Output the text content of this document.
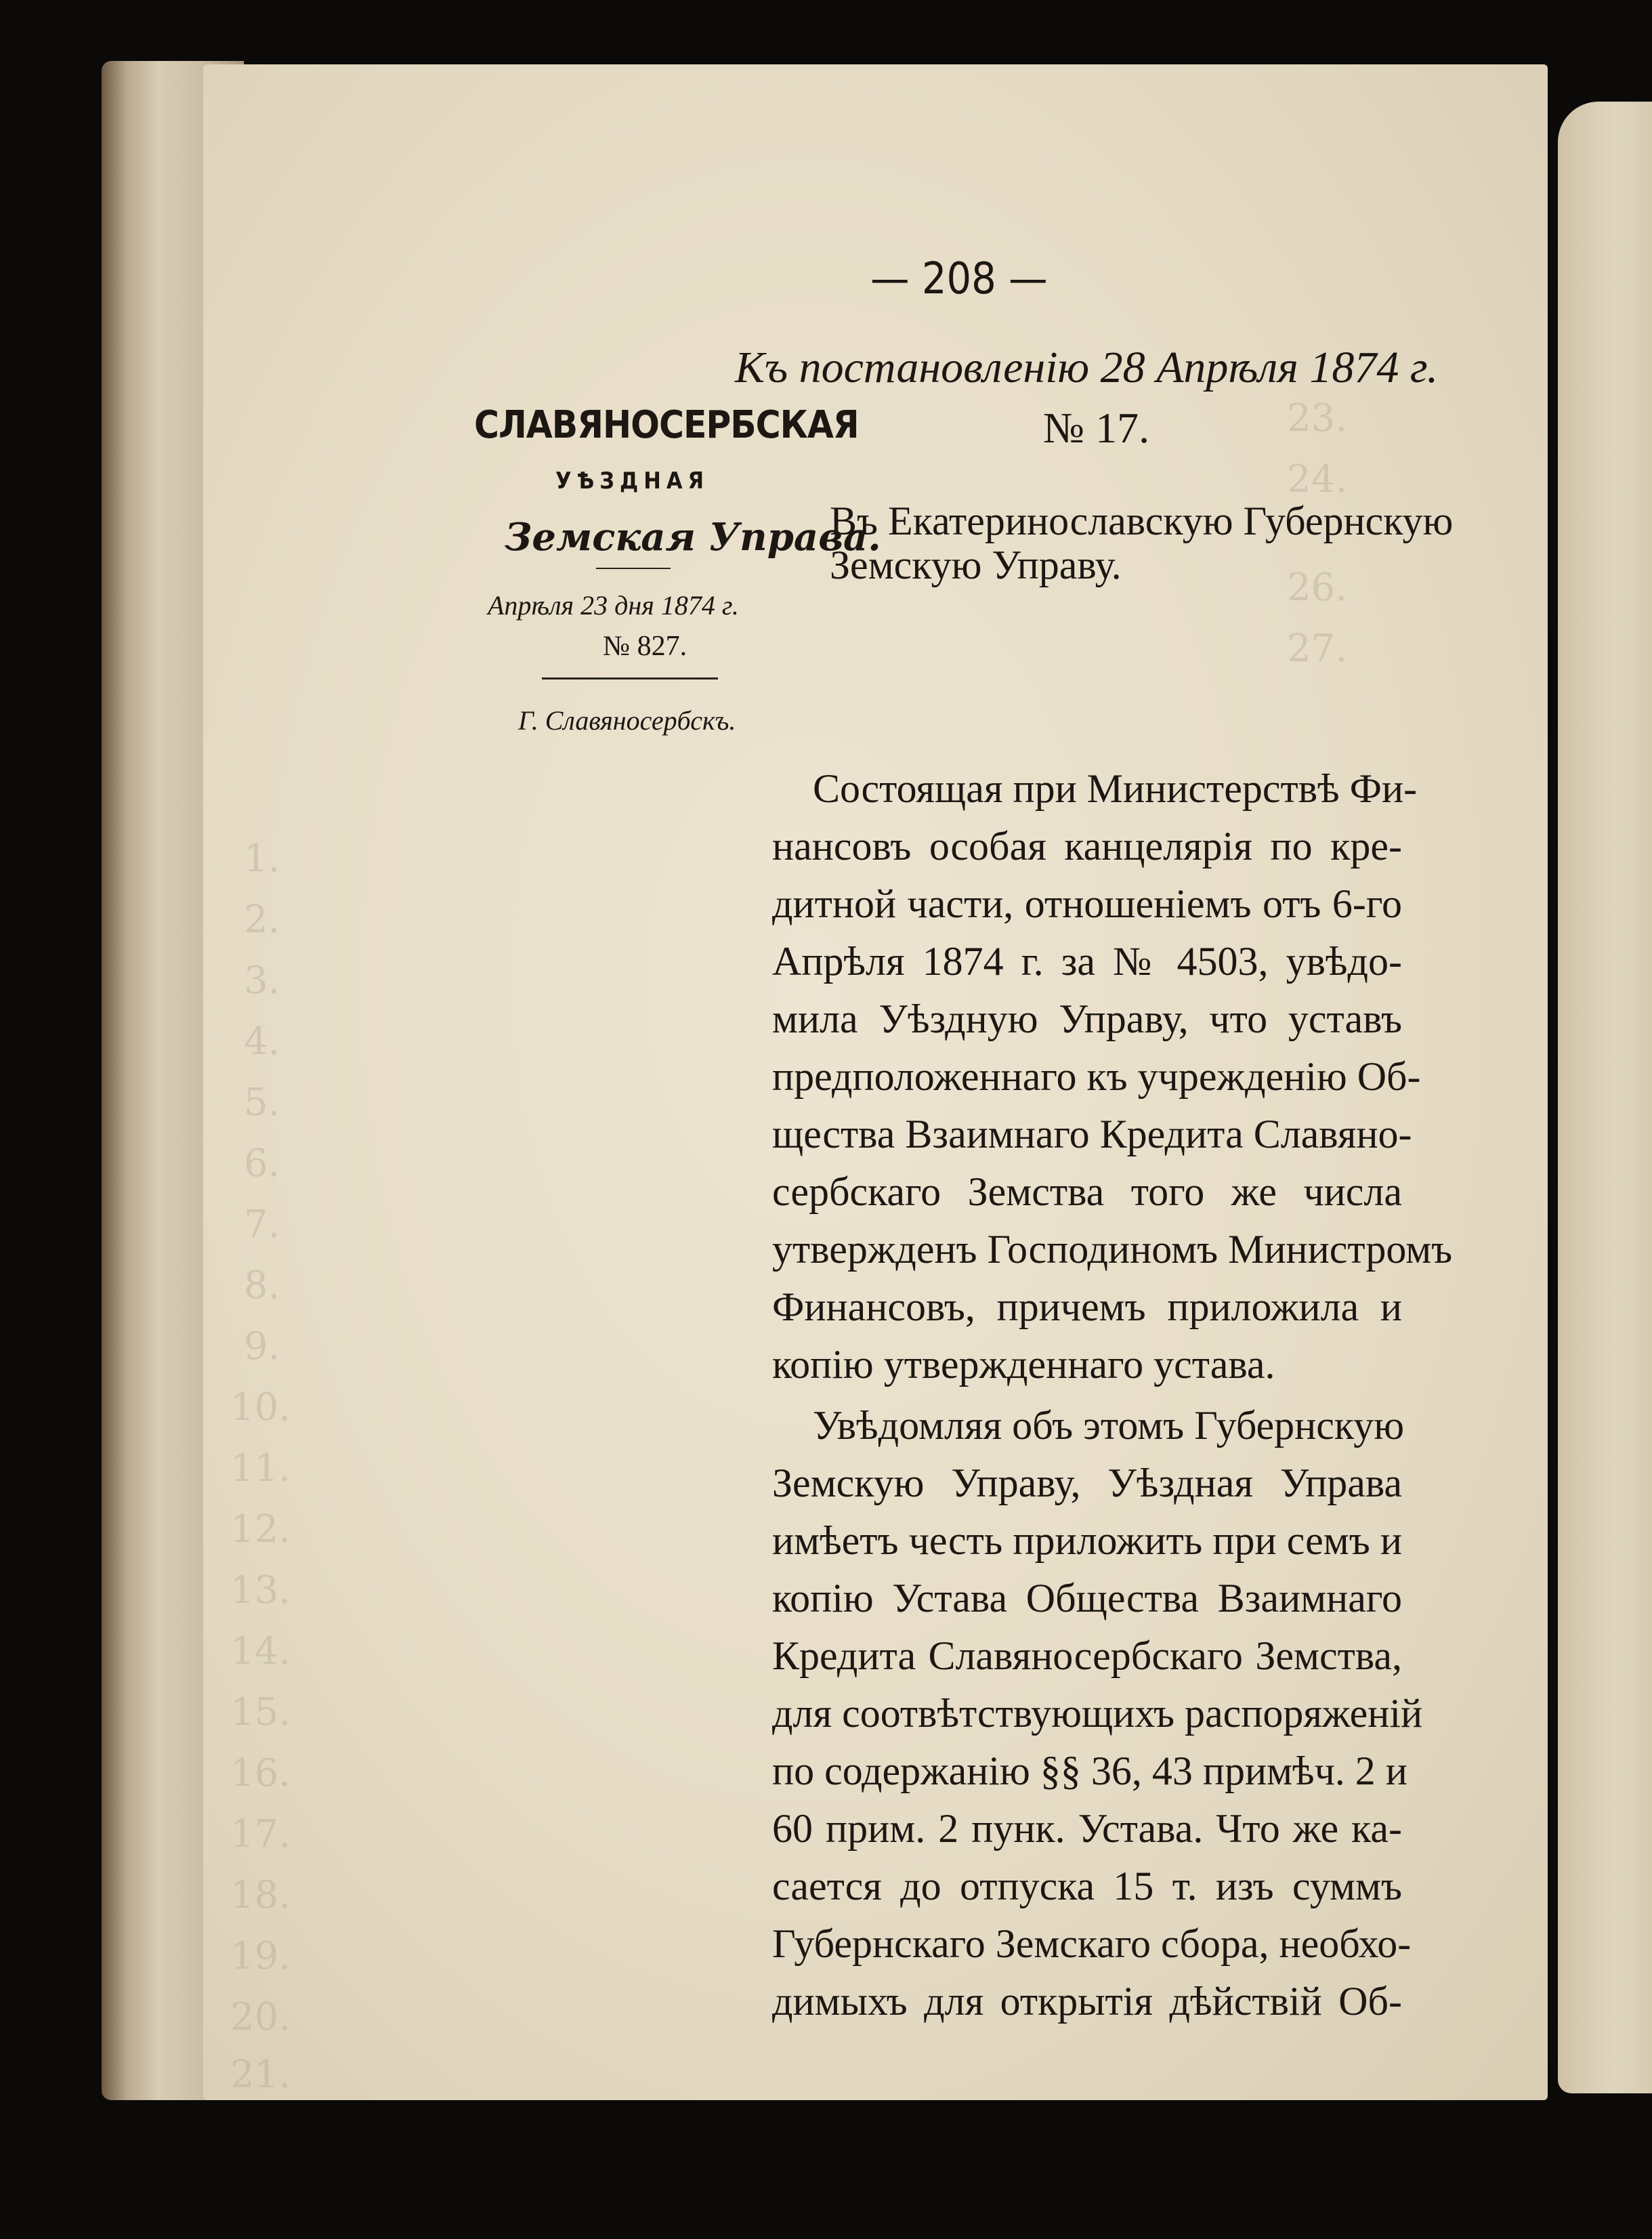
23.
24.
26.
27.
1.
2.
3.
4.
5.
6.
7.
8.
9.
10.
11.
12.
13.
14.
15.
16.
17.
18.
19.
20.
21.
— 208 —
Къ постановленію 28 Апрѣля 1874 г.
СЛАВЯНОСЕРБСКАЯ
УѢЗДНАЯ
Земская Управа.
Апрѣля 23 дня 1874 г.
№ 827.
Г. Славяносербскъ.
№ 17.
Въ Екатеринославскую Губернскую
Земскую Управу.
Состоящая при Министерствѣ Фи-
нансовъ особая канцелярія по кре-
дитной части, отношеніемъ отъ 6-го
Апрѣля 1874 г. за № 4503, увѣдо-
мила Уѣздную Управу, что уставъ
предположеннаго къ учрежденію Об-
щества Взаимнаго Кредита Славяно-
сербскаго Земства того же числа
утвержденъ Господиномъ Министромъ
Финансовъ, причемъ приложила и
копію утвержденнаго устава.
Увѣдомляя объ этомъ Губернскую
Земскую Управу, Уѣздная Управа
имѣетъ честь приложить при семъ и
копію Устава Общества Взаимнаго
Кредита Славяносербскаго Земства,
для соотвѣтствующихъ распоряженій
по содержанію §§ 36, 43 примѣч. 2 и
60 прим. 2 пунк. Устава. Что же ка-
сается до отпуска 15 т. изъ суммъ
Губернскаго Земскаго сбора, необхо-
димыхъ для открытія дѣйствій Об-
